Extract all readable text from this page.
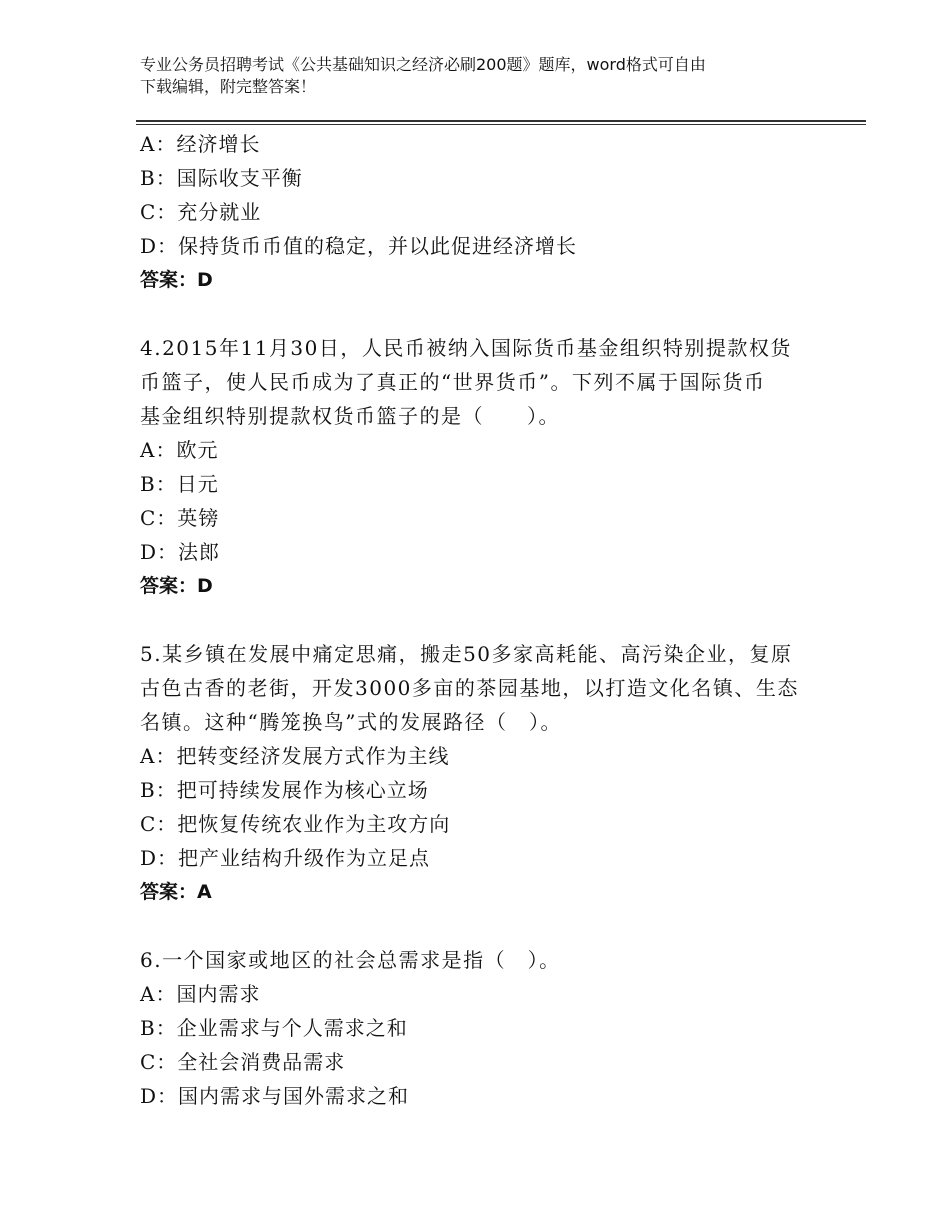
专业公务员招聘考试《公共基础知识之经济必刷200题》题库，word格式可自由
下载编辑，附完整答案！
A：经济增长
B：国际收支平衡
C：充分就业
D：保持货币币值的稳定，并以此促进经济增长
答案：D
4.2015年11月30日，人民币被纳入国际货币基金组织特别提款权货
币篮子，使人民币成为了真正的“世界货币”。下列不属于国际货币
基金组织特别提款权货币篮子的是（　　）。
A：欧元
B：日元
C：英镑
D：法郎
答案：D
5.某乡镇在发展中痛定思痛，搬走50多家高耗能、高污染企业，复原
古色古香的老街，开发3000多亩的茶园基地，以打造文化名镇、生态
名镇。这种“腾笼换鸟”式的发展路径（　）。
A：把转变经济发展方式作为主线
B：把可持续发展作为核心立场
C：把恢复传统农业作为主攻方向
D：把产业结构升级作为立足点
答案：A
6.一个国家或地区的社会总需求是指（　）。
A：国内需求
B：企业需求与个人需求之和
C：全社会消费品需求
D：国内需求与国外需求之和
